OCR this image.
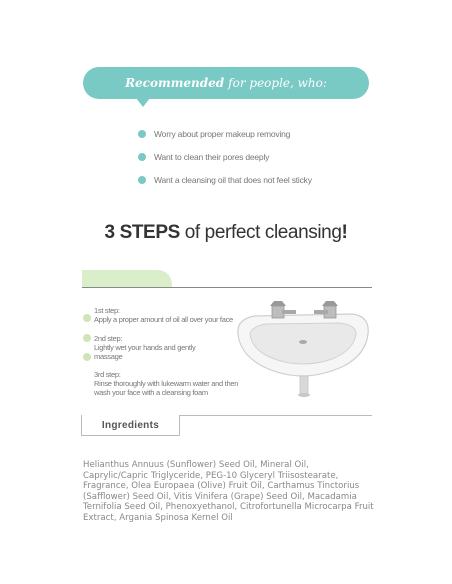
Recommended for people, who:
Worry about proper makeup removing
Want to clean their pores deeply
Want a cleansing oil that does not feel sticky
3 STEPS of perfect cleansing!
1st step:
Apply a proper amount of oil all over your face
2nd step:
Lightly wet your hands and gently massage
3rd step:
Rinse thoroughly with lukewarm water and then wash your face with a cleansing foam
Ingredients
Helianthus Annuus (Sunflower) Seed Oil, Mineral Oil, Caprylic/Capric Triglyceride, PEG-10 Glyceryl Triisostearate, Fragrance, Olea Europaea (Olive) Fruit Oil, Carthamus Tinctorius (Safflower) Seed Oil, Vitis Vinifera (Grape) Seed Oil, Macadamia Ternifolia Seed Oil, Phenoxyethanol, Citrofortunella Microcarpa Fruit Extract, Argania Spinosa Kernel Oil
